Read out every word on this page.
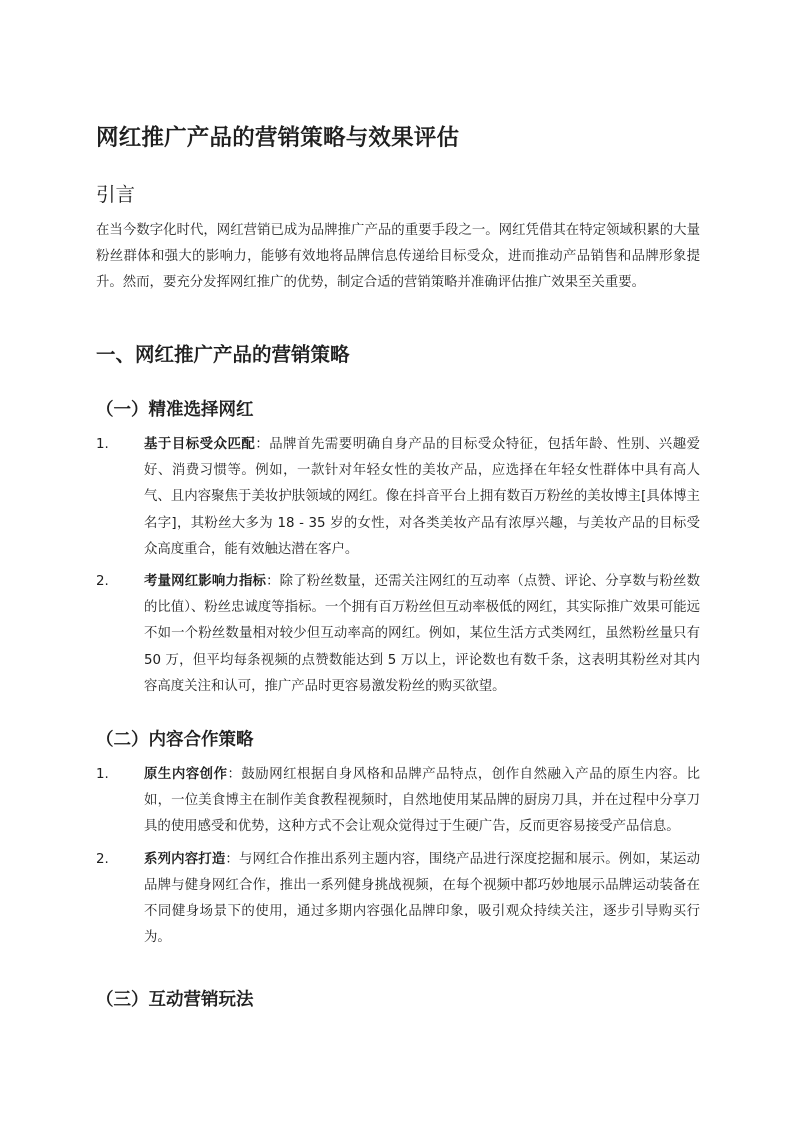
网红推广产品的营销策略与效果评估
引言

在当今数字化时代，网红营销已成为品牌推广产品的重要手段之一。网红凭借其在特定领域积累的大量粉丝群体和强大的影响力，能够有效地将品牌信息传递给目标受众，进而推动产品销售和品牌形象提升。然而，要充分发挥网红推广的优势，制定合适的营销策略并准确评估推广效果至关重要。

一、网红推广产品的营销策略
（一）精准选择网红
1.	基于目标受众匹配：品牌首先需要明确自身产品的目标受众特征，包括年龄、性别、兴趣爱好、消费习惯等。例如，一款针对年轻女性的美妆产品，应选择在年轻女性群体中具有高人气、且内容聚焦于美妆护肤领域的网红。像在抖音平台上拥有数百万粉丝的美妆博主[具体博主名字]，其粉丝大多为 18 - 35 岁的女性，对各类美妆产品有浓厚兴趣，与美妆产品的目标受众高度重合，能有效触达潜在客户。
2.	考量网红影响力指标：除了粉丝数量，还需关注网红的互动率（点赞、评论、分享数与粉丝数的比值）、粉丝忠诚度等指标。一个拥有百万粉丝但互动率极低的网红，其实际推广效果可能远不如一个粉丝数量相对较少但互动率高的网红。例如，某位生活方式类网红，虽然粉丝量只有 50 万，但平均每条视频的点赞数能达到 5 万以上，评论数也有数千条，这表明其粉丝对其内容高度关注和认可，推广产品时更容易激发粉丝的购买欲望。
（二）内容合作策略
1.	原生内容创作：鼓励网红根据自身风格和品牌产品特点，创作自然融入产品的原生内容。比如，一位美食博主在制作美食教程视频时，自然地使用某品牌的厨房刀具，并在过程中分享刀具的使用感受和优势，这种方式不会让观众觉得过于生硬广告，反而更容易接受产品信息。
2.	系列内容打造：与网红合作推出系列主题内容，围绕产品进行深度挖掘和展示。例如，某运动品牌与健身网红合作，推出一系列健身挑战视频，在每个视频中都巧妙地展示品牌运动装备在不同健身场景下的使用，通过多期内容强化品牌印象，吸引观众持续关注，逐步引导购买行为。
（三）互动营销玩法
